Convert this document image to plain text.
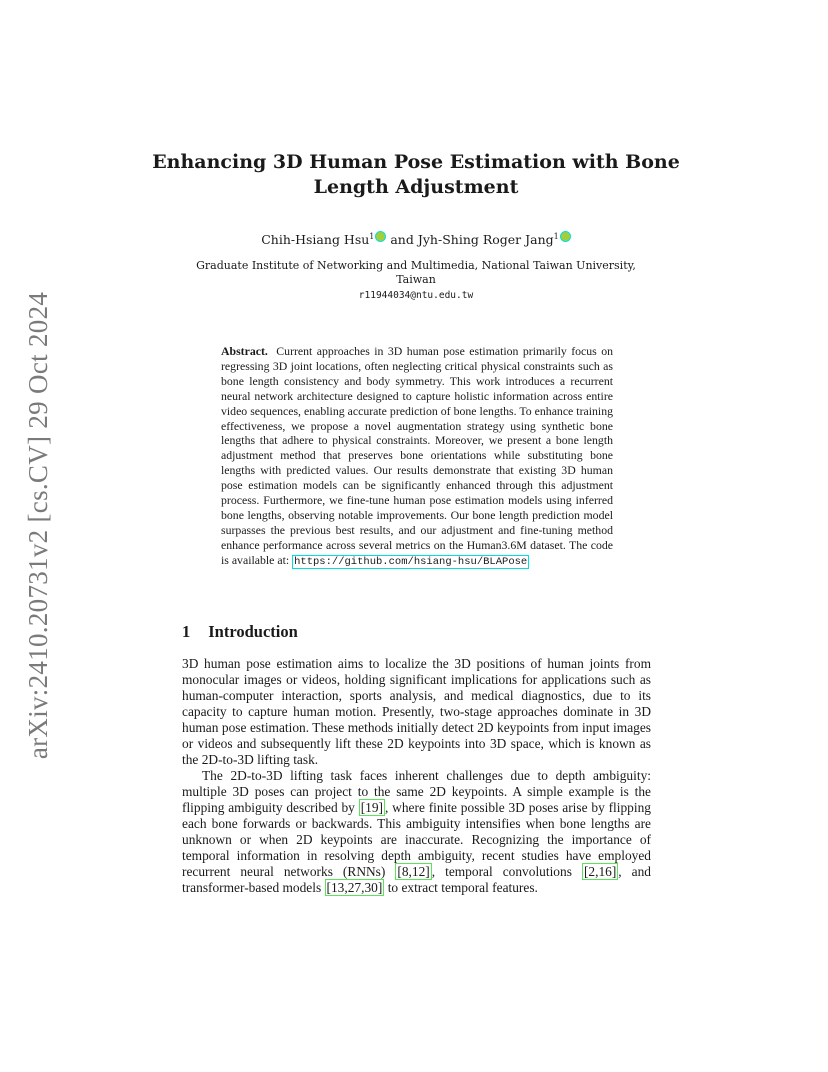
arXiv:2410.20731v2 [cs.CV] 29 Oct 2024
Enhancing 3D Human Pose Estimation with Bone Length Adjustment
Chih-Hsiang Hsu$^1$ and Jyh-Shing Roger Jang$^1$
Graduate Institute of Networking and Multimedia, National Taiwan University, Taiwan
r11944034@ntu.edu.tw

Abstract. Current approaches in 3D human pose estimation primarily focus on regressing 3D joint locations, often neglecting critical physical constraints such as bone length consistency and body symmetry. This work introduces a recurrent neural network architecture designed to capture holistic information across entire video sequences, enabling accurate prediction of bone lengths. To enhance training effectiveness, we propose a novel augmentation strategy using synthetic bone lengths that adhere to physical constraints. Moreover, we present a bone length adjustment method that preserves bone orientations while substituting bone lengths with predicted values. Our results demonstrate that existing 3D human pose estimation models can be significantly enhanced through this adjustment process. Furthermore, we fine-tune human pose estimation models using inferred bone lengths, observing notable improvements. Our bone length prediction model surpasses the previous best results, and our adjustment and fine-tuning method enhance performance across several metrics on the Human3.6M dataset. The code is available at: https://github.com/hsiang-hsu/BLAPose

1 Introduction

3D human pose estimation aims to localize the 3D positions of human joints from monocular images or videos, holding significant implications for applications such as human-computer interaction, sports analysis, and medical diagnostics, due to its capacity to capture human motion. Presently, two-stage approaches dominate in 3D human pose estimation. These methods initially detect 2D keypoints from input images or videos and subsequently lift these 2D keypoints into 3D space, which is known as the 2D-to-3D lifting task.

The 2D-to-3D lifting task faces inherent challenges due to depth ambiguity: multiple 3D poses can project to the same 2D keypoints. A simple example is the flipping ambiguity described by [19] , where finite possible 3D poses arise by flipping each bone forwards or backwards. This ambiguity intensifies when bone lengths are unknown or when 2D keypoints are inaccurate. Recognizing the importance of temporal information in resolving depth ambiguity, recent studies have employed recurrent neural networks (RNNs) [8,12] , temporal convolutions [2,16] , and transformer-based models [13,27,30] to extract temporal features.
